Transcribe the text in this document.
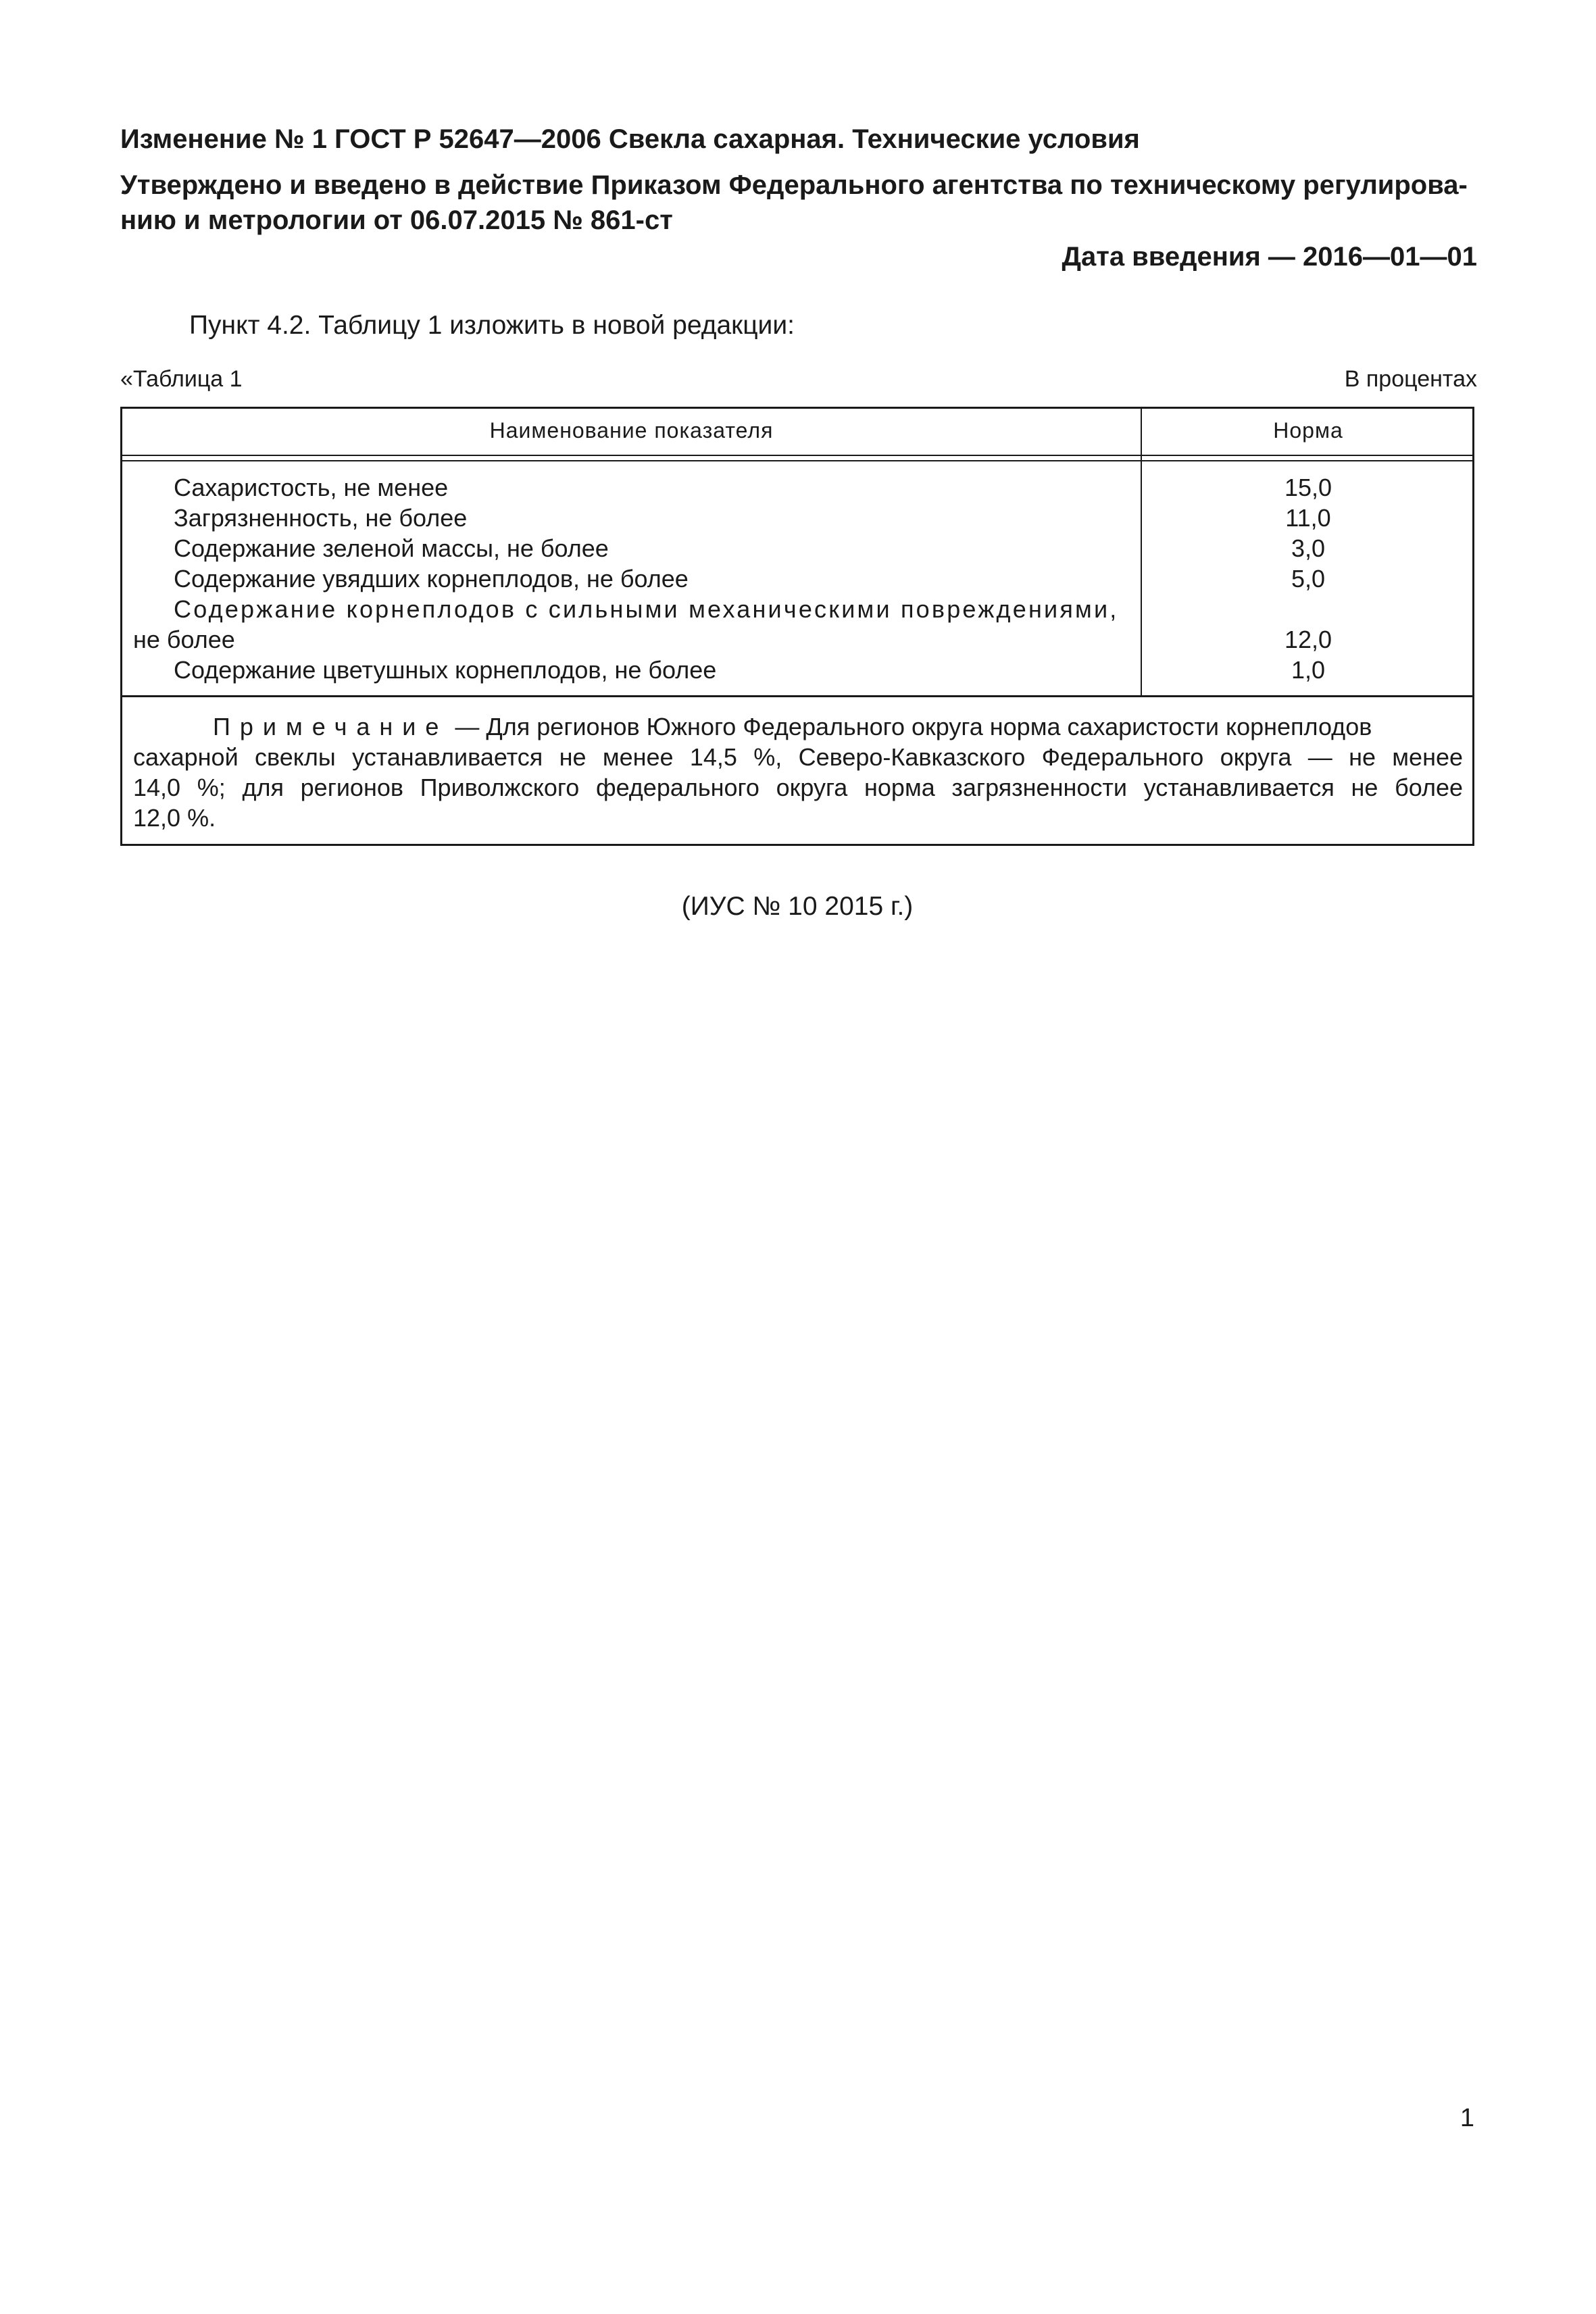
Изменение № 1 ГОСТ Р 52647—2006 Свекла сахарная. Технические условия
Утверждено и введено в действие Приказом Федерального агентства по техническому регулирова-
нию и метрологии от 06.07.2015 № 861-ст
Дата введения — 2016—01—01
Пункт 4.2. Таблицу 1 изложить в новой редакции:
«Таблица 1	В процентах
Наименование показателя	Норма
Сахаристость, не менее	15,0
Загрязненность, не более	11,0
Содержание зеленой массы, не более	3,0
Содержание увядших корнеплодов, не более	5,0
Содержание корнеплодов с сильными механическими повреждениями,
не более	12,0
Содержание цветушных корнеплодов, не более	1,0
Примечание — Для регионов Южного Федерального округа норма сахаристости корнеплодов
сахарной свеклы устанавливается не менее 14,5 %, Северо-Кавказского Федерального округа — не менее
14,0 %; для регионов Приволжского федерального округа норма загрязненности устанавливается не более
12,0 %.
(ИУС № 10 2015 г.)
1
